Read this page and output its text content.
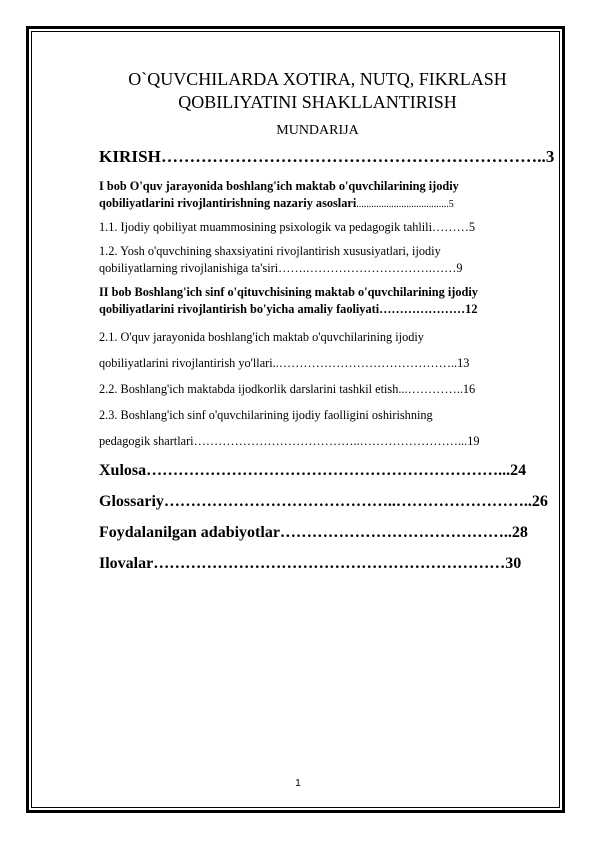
O`QUVCHILARDA XOTIRA, NUTQ, FIKRLASH
QOBILIYATINI SHAKLLANTIRISH
MUNDARIJA
KIRISH…………………………………………………………..3
I bob O'quv jarayonida boshlang'ich maktab o'quvchilarining ijodiy
qobiliyatlarini rivojlantirishning nazariy asoslari.....................................5
1.1. Ijodiy qobiliyat muammosining psixologik va pedagogik tahlili………5
1.2. Yosh o'quvchining shaxsiyatini rivojlantirish xususiyatlari, ijodiy
qobiliyatlarning rivojlanishiga ta'siri…….………………………….……9
II bob Boshlang'ich sinf o'qituvchisining maktab o'quvchilarining ijodiy
qobiliyatlarini rivojlantirish bo'yicha amaliy faoliyati…………………12
2.1. O'quv jarayonida boshlang'ich maktab o'quvchilarining ijodiy
qobiliyatlarini rivojlantirish yo'llari..……………………………………..13
2.2. Boshlang'ich maktabda ijodkorlik darslarini tashkil etish...…………..16
2.3. Boshlang'ich sinf o'quvchilarining ijodiy faolligini oshirishning
pedagogik shartlari…………………………………..……………………...19
Xulosa…………………………………………………………...24
Glossariy……………………………………..……………………..26
Foydalanilgan adabiyotlar……………………………………..28
Ilovalar…………………………………………………………30
1
